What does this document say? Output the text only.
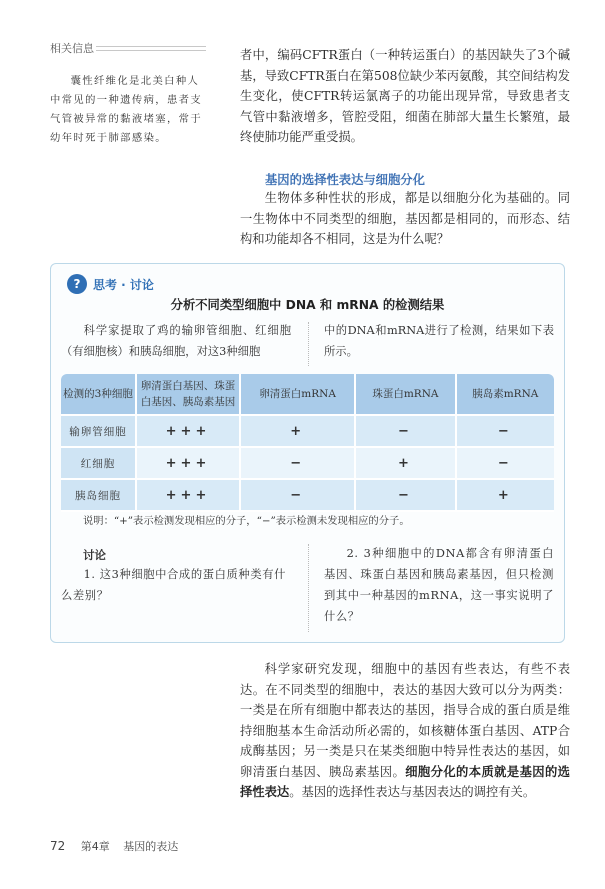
相关信息
囊性纤维化是北美白种人中常见的一种遗传病，患者支气管被异常的黏液堵塞，常于幼年时死于肺部感染。
者中，编码CFTR蛋白（一种转运蛋白）的基因缺失了3个碱基，导致CFTR蛋白在第508位缺少苯丙氨酸，其空间结构发生变化，使CFTR转运氯离子的功能出现异常，导致患者支气管中黏液增多，管腔受阻，细菌在肺部大量生长繁殖，最终使肺功能严重受损。
基因的选择性表达与细胞分化
生物体多种性状的形成，都是以细胞分化为基础的。同一生物体中不同类型的细胞，基因都是相同的，而形态、结构和功能却各不相同，这是为什么呢？
?	思考 · 讨论
分析不同类型细胞中 DNA 和 mRNA 的检测结果
科学家提取了鸡的输卵管细胞、红细胞（有细胞核）和胰岛细胞，对这3种细胞
中的DNA和mRNA进行了检测，结果如下表所示。
检测的3种细胞	卵清蛋白基因、珠蛋白基因、胰岛素基因	卵清蛋白mRNA	珠蛋白mRNA	胰岛素mRNA
输卵管细胞	+++	+	−	−
红细胞	+++	−	+	−
胰岛细胞	+++	−	−	+
说明：“+”表示检测发现相应的分子，“−”表示检测未发现相应的分子。
讨论
1. 这3种细胞中合成的蛋白质种类有什么差别？
2. 3种细胞中的DNA都含有卵清蛋白基因、珠蛋白基因和胰岛素基因，但只检测到其中一种基因的mRNA，这一事实说明了什么？
科学家研究发现，细胞中的基因有些表达，有些不表达。在不同类型的细胞中，表达的基因大致可以分为两类：一类是在所有细胞中都表达的基因，指导合成的蛋白质是维持细胞基本生命活动所必需的，如核糖体蛋白基因、ATP合成酶基因；另一类是只在某类细胞中特异性表达的基因，如卵清蛋白基因、胰岛素基因。细胞分化的本质就是基因的选择性表达。基因的选择性表达与基因表达的调控有关。
72 第4章 基因的表达
